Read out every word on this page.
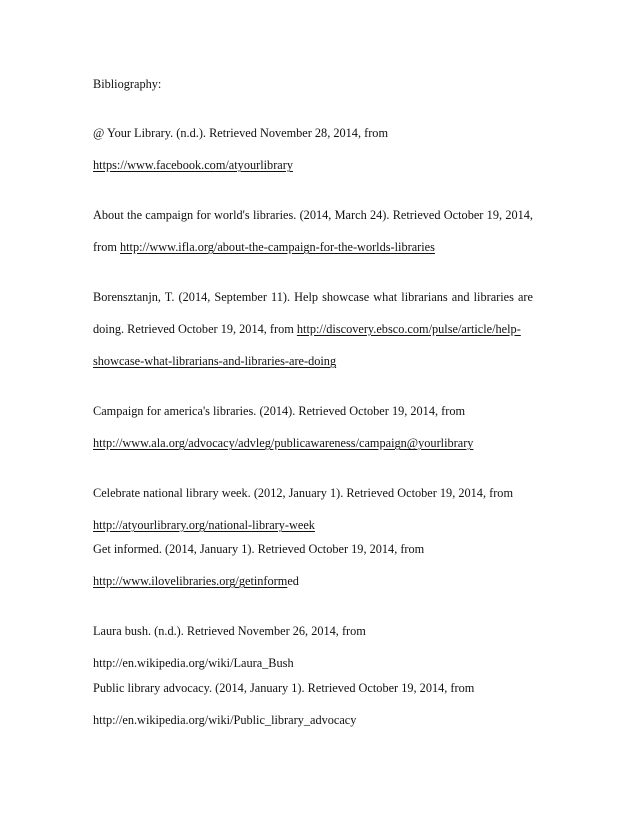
Bibliography:
@ Your Library. (n.d.). Retrieved November 28, 2014, from
https://www.facebook.com/atyourlibrary
About the campaign for world's libraries. (2014, March 24). Retrieved October 19, 2014,
from http://www.ifla.org/about-the-campaign-for-the-worlds-libraries
Borensztanjn, T. (2014, September 11). Help showcase what librarians and libraries are
doing. Retrieved October 19, 2014, from http://discovery.ebsco.com/pulse/article/help-
showcase-what-librarians-and-libraries-are-doing
Campaign for america's libraries. (2014). Retrieved October 19, 2014, from
http://www.ala.org/advocacy/advleg/publicawareness/campaign@yourlibrary
Celebrate national library week. (2012, January 1). Retrieved October 19, 2014, from
http://atyourlibrary.org/national-library-week
Get informed. (2014, January 1). Retrieved October 19, 2014, from
http://www.ilovelibraries.org/getinformed
Laura bush. (n.d.). Retrieved November 26, 2014, from
http://en.wikipedia.org/wiki/Laura_Bush
Public library advocacy. (2014, January 1). Retrieved October 19, 2014, from
http://en.wikipedia.org/wiki/Public_library_advocacy
